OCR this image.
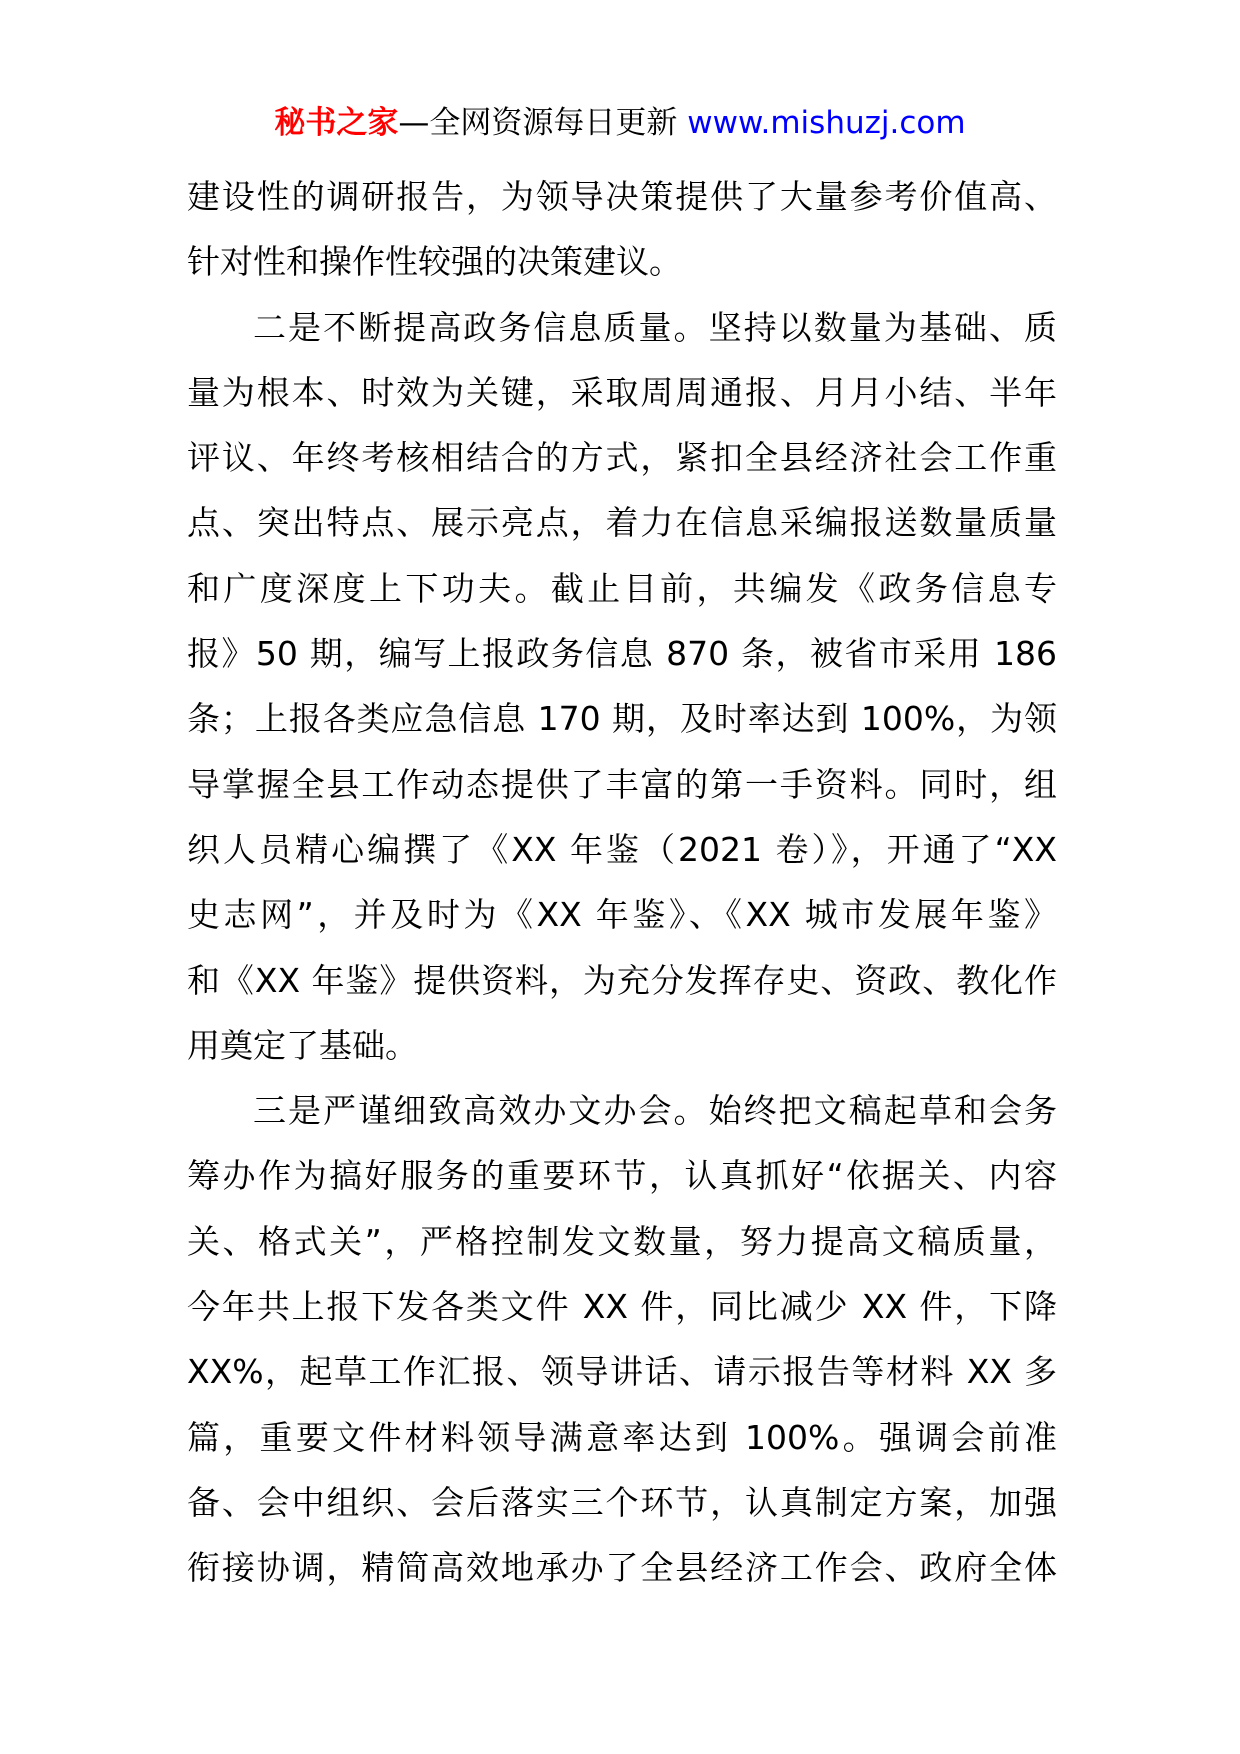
秘书之家—全网资源每日更新 www.mishuzj.com
建设性的调研报告，为领导决策提供了大量参考价值高、
针对性和操作性较强的决策建议。
二是不断提高政务信息质量。坚持以数量为基础、质
量为根本、时效为关键，采取周周通报、月月小结、半年
评议、年终考核相结合的方式，紧扣全县经济社会工作重
点、突出特点、展示亮点，着力在信息采编报送数量质量
和广度深度上下功夫。截止目前，共编发《政务信息专
报》50 期，编写上报政务信息 870 条，被省市采用 186
条；上报各类应急信息 170 期，及时率达到 100%，为领
导掌握全县工作动态提供了丰富的第一手资料。同时，组
织人员精心编撰了《XX 年鉴（2021 卷）》，开通了“XX
史志网”，并及时为《XX 年鉴》、《XX 城市发展年鉴》
和《XX 年鉴》提供资料，为充分发挥存史、资政、教化作
用奠定了基础。
三是严谨细致高效办文办会。始终把文稿起草和会务
筹办作为搞好服务的重要环节，认真抓好“依据关、内容
关、格式关”，严格控制发文数量，努力提高文稿质量，
今年共上报下发各类文件 XX 件，同比减少 XX 件，下降
XX%，起草工作汇报、领导讲话、请示报告等材料 XX 多
篇，重要文件材料领导满意率达到 100%。强调会前准
备、会中组织、会后落实三个环节，认真制定方案，加强
衔接协调，精简高效地承办了全县经济工作会、政府全体
